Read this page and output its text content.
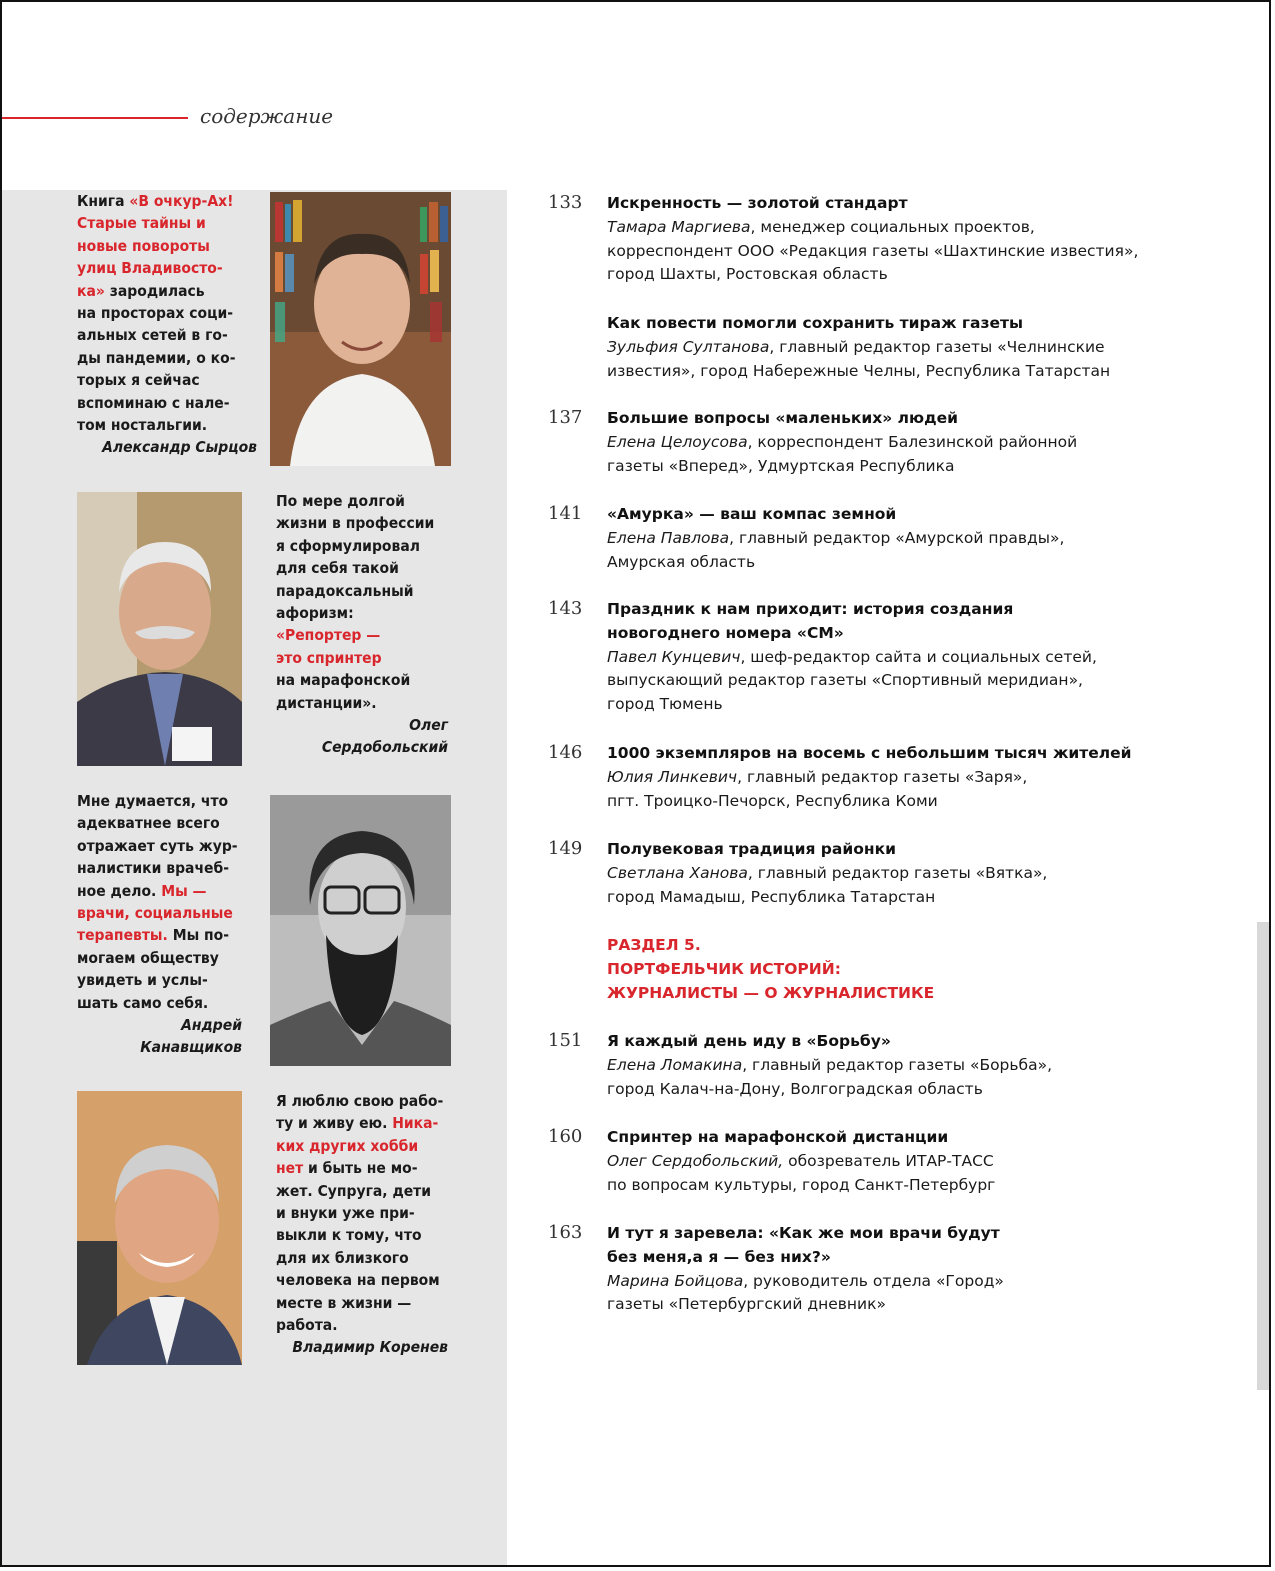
содержание
Книга «В очкур-Ах!
Старые тайны и
новые повороты
улиц Владивосто-
ка» зародилась
на просторах соци-
альных сетей в го-
ды пандемии, о ко-
торых я сейчас
вспоминаю с нале-
том ностальгии.

Александр Сырцов
По мере долгой
жизни в профессии
я сформулировал
для себя такой
парадоксальный
афоризм:
«Репортер —
это спринтер
на марафонской
дистанции».

Олег
Сердобольский
Мне думается, что
адекватнее всего
отражает суть жур-
налистики врачеб-
ное дело. Мы —
врачи, социальные
терапевты. Мы по-
могаем обществу
увидеть и услы-
шать само себя.

Андрей
Канавщиков
Я люблю свою рабо-
ту и живу ею. Ника-
ких других хобби
нет и быть не мо-
жет. Супруга, дети
и внуки уже при-
выкли к тому, что
для их близкого
человека на первом
месте в жизни —
работа.

Владимир Коренев
133 Искренность — золотой стандарт
Тамара Маргиева, менеджер социальных проектов,
корреспондент ООО «Редакция газеты «Шахтинские известия»,
город Шахты, Ростовская область
Как повести помогли сохранить тираж газеты
Зульфия Султанова, главный редактор газеты «Челнинские
известия», город Набережные Челны, Республика Татарстан
137 Большие вопросы «маленьких» людей
Елена Целоусова, корреспондент Балезинской районной
газеты «Вперед», Удмуртская Республика
141 «Амурка» — ваш компас земной
Елена Павлова, главный редактор «Амурской правды»,
Амурская область
143 Праздник к нам приходит: история создания
новогоднего номера «СМ»
Павел Кунцевич, шеф-редактор сайта и социальных сетей,
выпускающий редактор газеты «Спортивный меридиан»,
город Тюмень
146 1000 экземпляров на восемь с небольшим тысяч жителей
Юлия Линкевич, главный редактор газеты «Заря»,
пгт. Троицко-Печорск, Республика Коми
149 Полувековая традиция районки
Светлана Ханова, главный редактор газеты «Вятка»,
город Мамадыш, Республика Татарстан
РАЗДЕЛ 5.
ПОРТФЕЛЬЧИК ИСТОРИЙ:
ЖУРНАЛИСТЫ — О ЖУРНАЛИСТИКЕ
151 Я каждый день иду в «Борьбу»
Елена Ломакина, главный редактор газеты «Борьба»,
город Калач-на-Дону, Волгоградская область
160 Спринтер на марафонской дистанции
Олег Сердобольский, обозреватель ИТАР-ТАСС
по вопросам культуры, город Санкт-Петербург
163 И тут я заревела: «Как же мои врачи будут
без меня,а я — без них?»
Марина Бойцова, руководитель отдела «Город»
газеты «Петербургский дневник»
